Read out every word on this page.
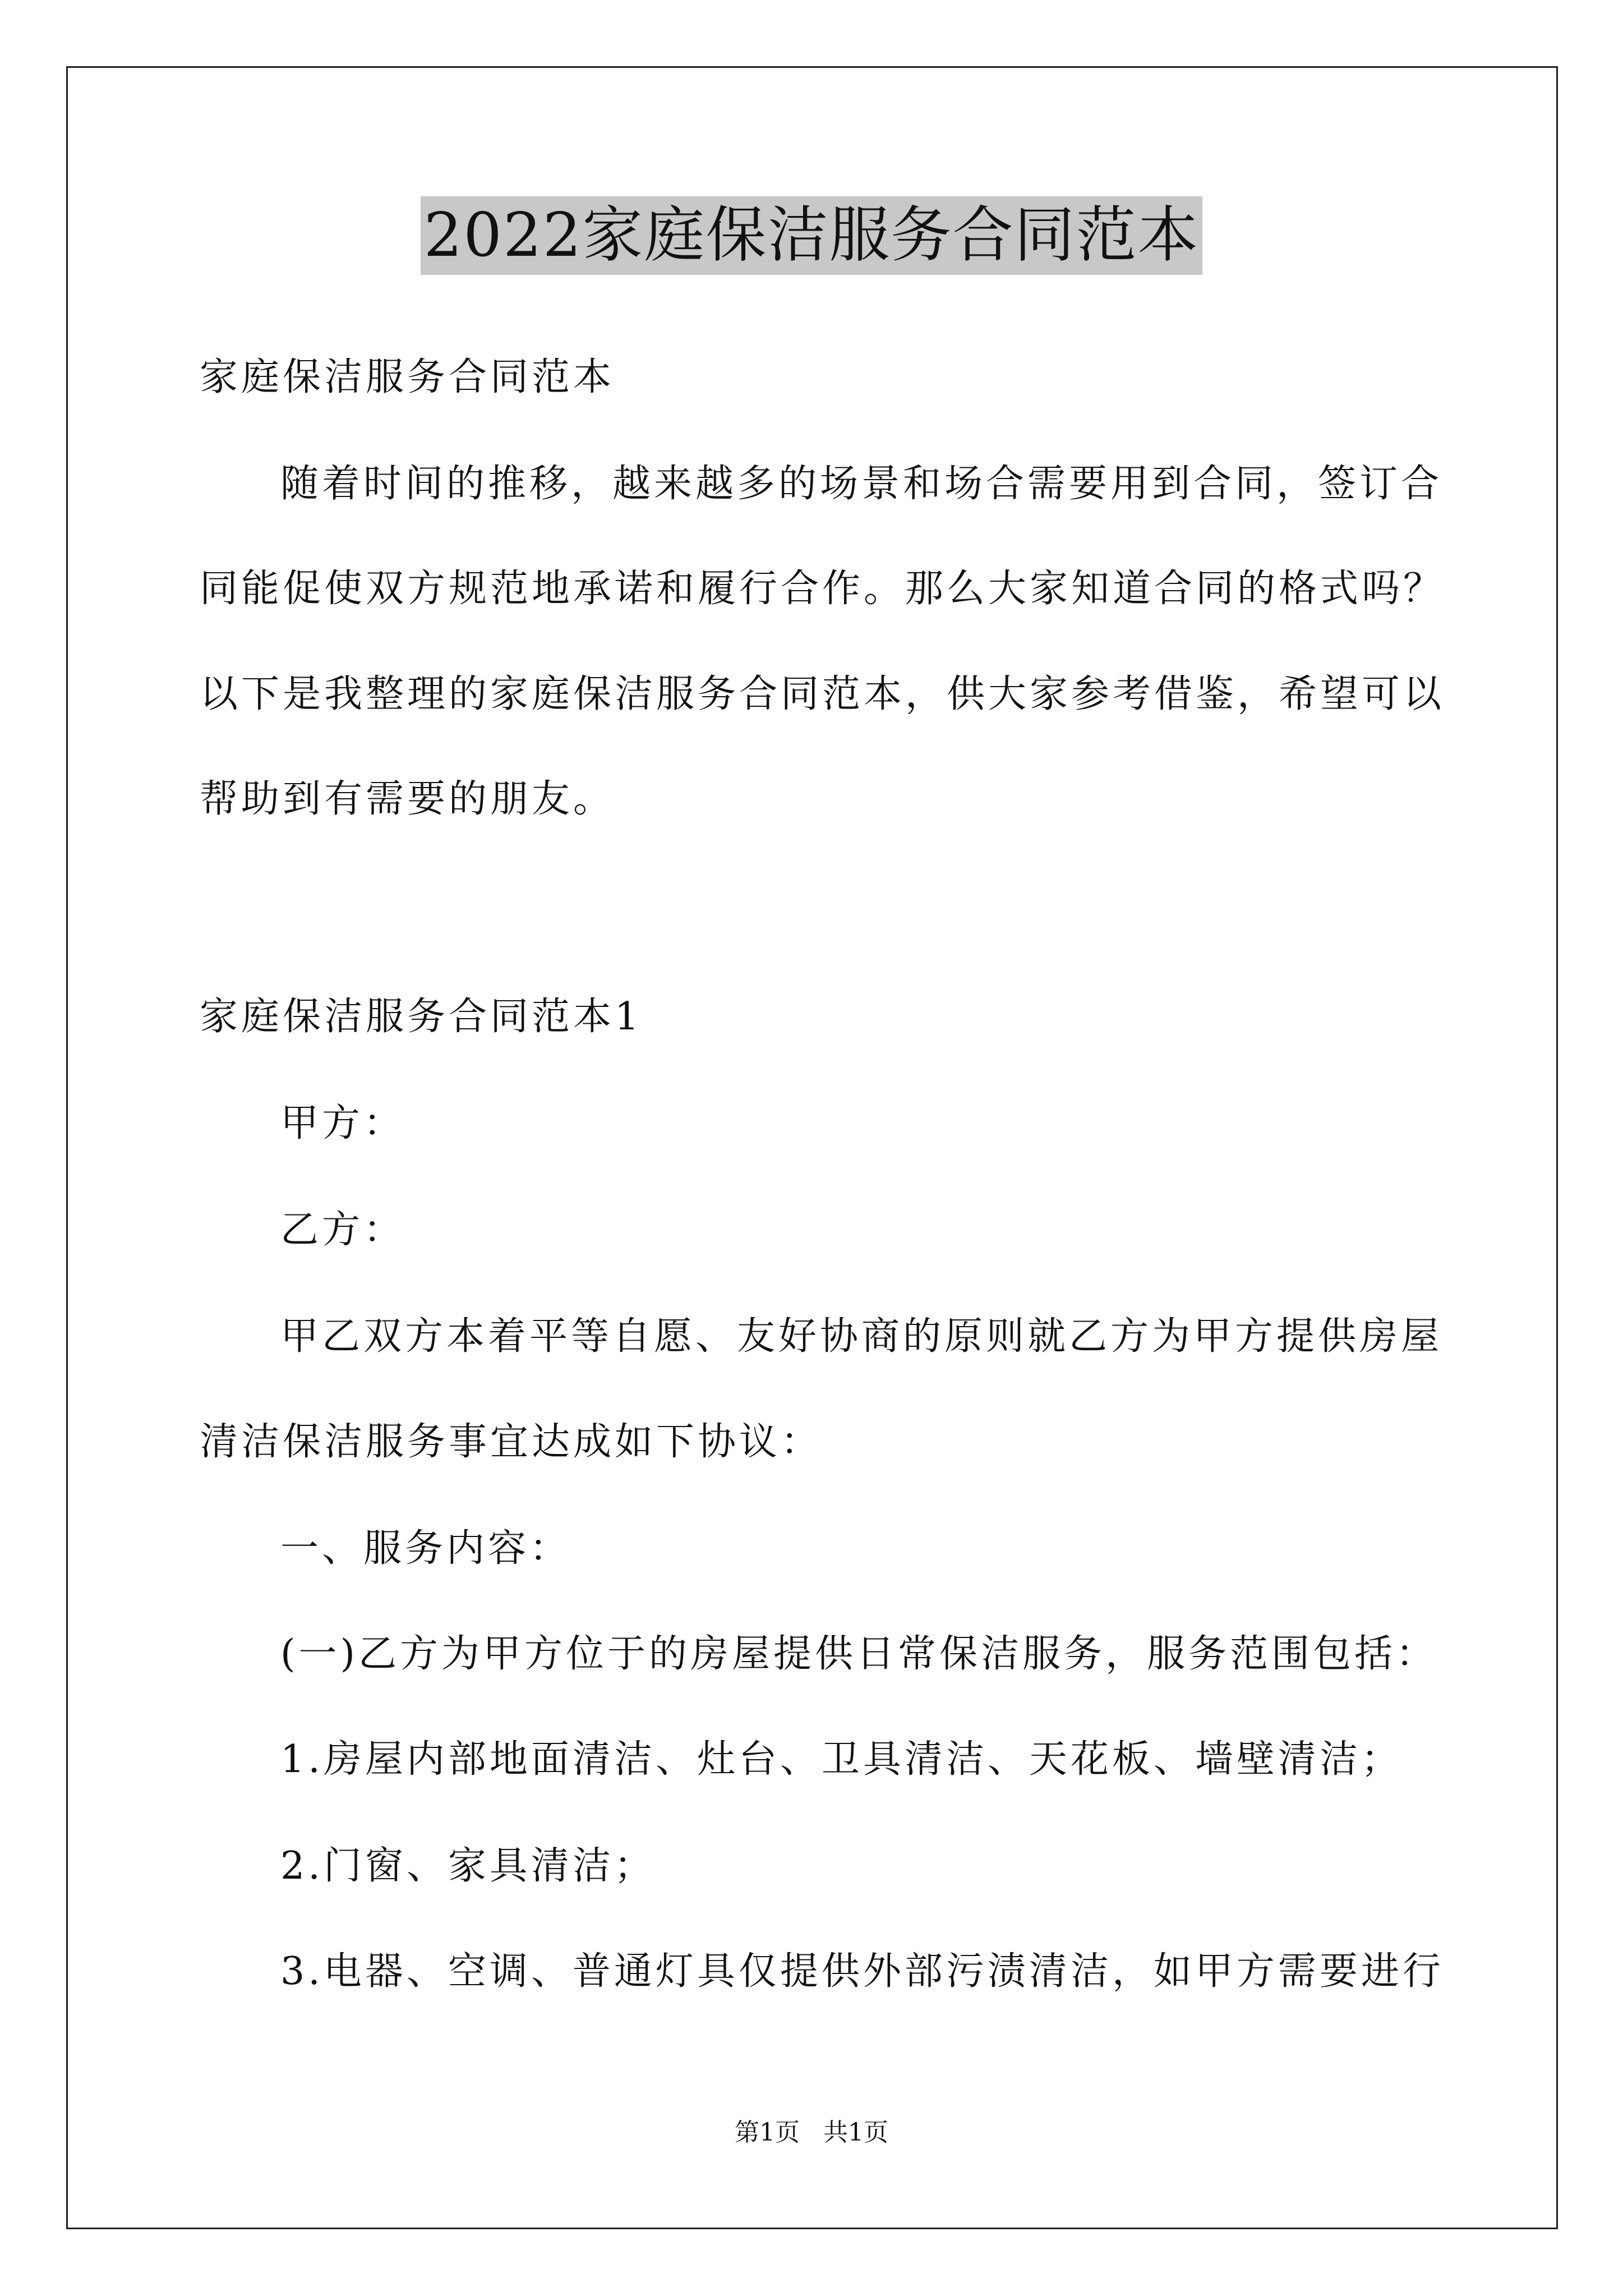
2022家庭保洁服务合同范本
家庭保洁服务合同范本
随着时间的推移，越来越多的场景和场合需要用到合同，签订合
同能促使双方规范地承诺和履行合作。那么大家知道合同的格式吗？
以下是我整理的家庭保洁服务合同范本，供大家参考借鉴，希望可以
帮助到有需要的朋友。
家庭保洁服务合同范本1
甲方：
乙方：
甲乙双方本着平等自愿、友好协商的原则就乙方为甲方提供房屋
清洁保洁服务事宜达成如下协议：
一、服务内容：
(一)乙方为甲方位于的房屋提供日常保洁服务，服务范围包括：
1.房屋内部地面清洁、灶台、卫具清洁、天花板、墙壁清洁；
2.门窗、家具清洁；
3.电器、空调、普通灯具仅提供外部污渍清洁，如甲方需要进行
第1页   共1页
